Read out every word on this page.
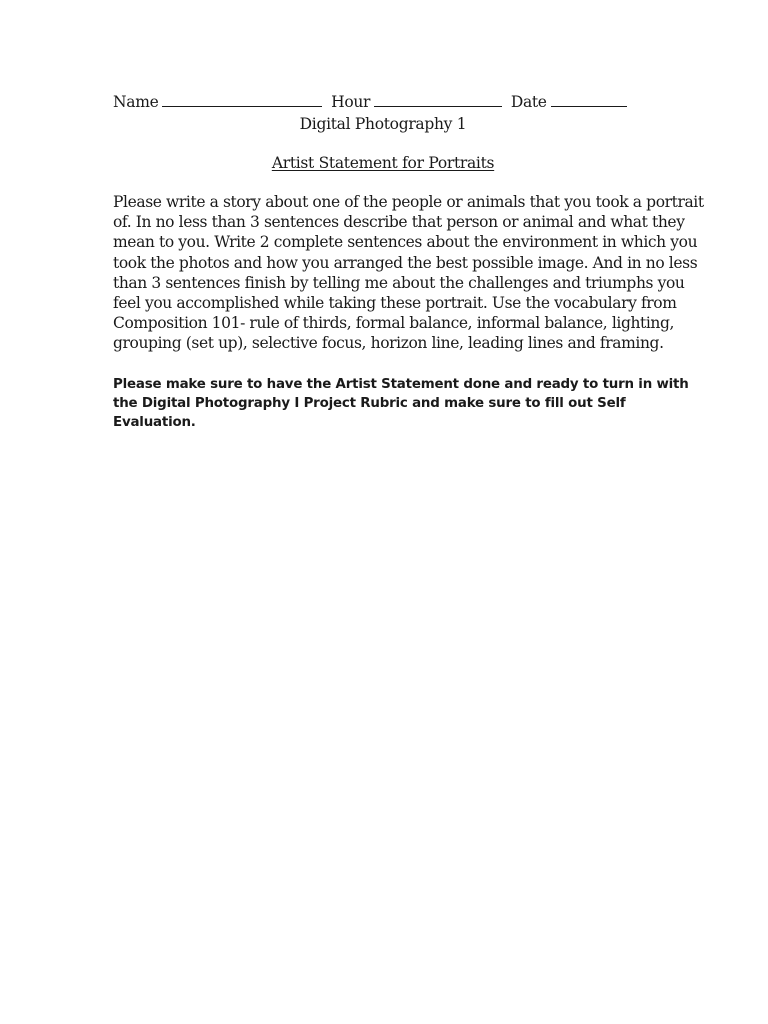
Name	Hour	Date
Digital Photography 1
Artist Statement for Portraits
Please write a story about one of the people or animals that you took a portrait
of. In no less than 3 sentences describe that person or animal and what they
mean to you. Write 2 complete sentences about the environment in which you
took the photos and how you arranged the best possible image. And in no less
than 3 sentences finish by telling me about the challenges and triumphs you
feel you accomplished while taking these portrait. Use the vocabulary from
Composition 101- rule of thirds, formal balance, informal balance, lighting,
grouping (set up), selective focus, horizon line, leading lines and framing.
Please make sure to have the Artist Statement done and ready to turn in with
the Digital Photography I Project Rubric and make sure to fill out Self
Evaluation.
